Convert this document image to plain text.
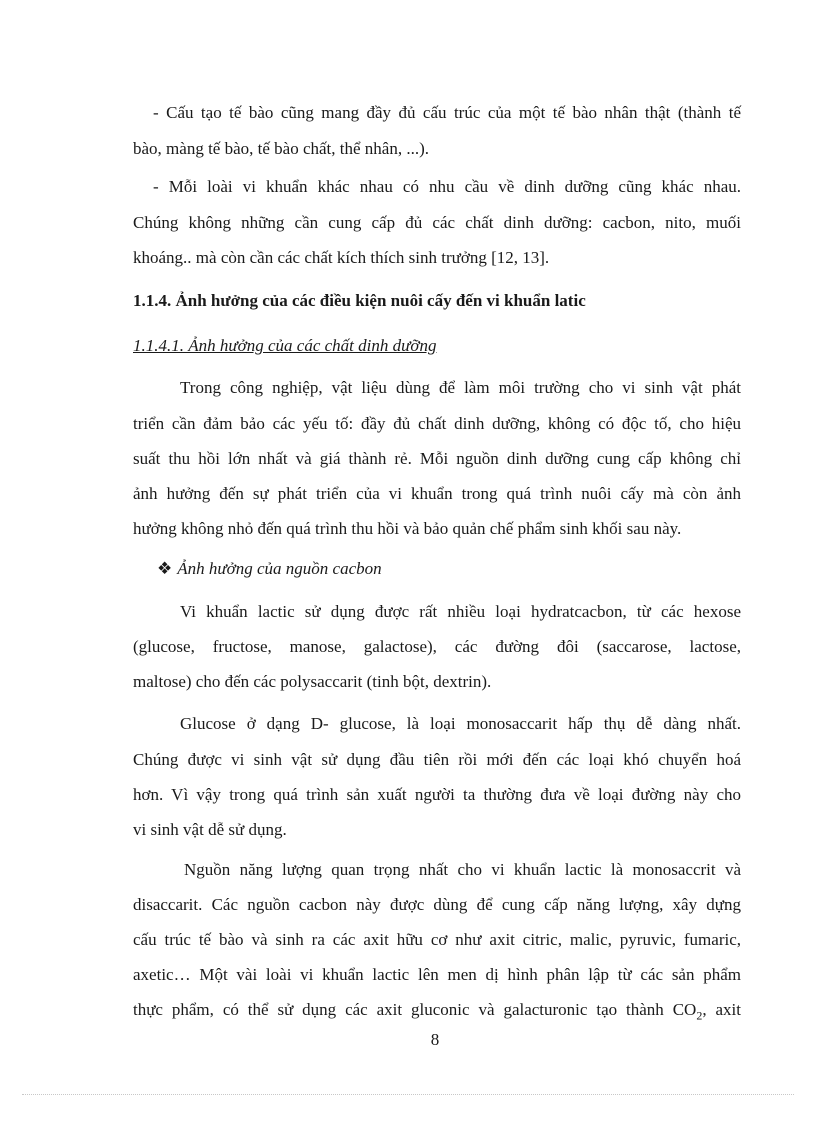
- Cấu tạo tế bào cũng mang đầy đủ cấu trúc của một tế bào nhân thật (thành tế
bào, màng tế bào, tế bào chất, thể nhân, ...).
- Mỗi loài vi khuẩn khác nhau có nhu cầu về dinh dưỡng cũng khác nhau.
Chúng không những cần cung cấp đủ các chất dinh dưỡng: cacbon, nito, muối
khoáng.. mà còn cần các chất kích thích sinh trưởng [12, 13].
1.1.4. Ảnh hưởng của các điều kiện nuôi cấy đến vi khuẩn latic
1.1.4.1. Ảnh hưởng của các chất dinh dưỡng
Trong công nghiệp, vật liệu dùng để làm môi trường cho vi sinh vật phát
triển cần đảm bảo các yếu tố: đầy đủ chất dinh dưỡng, không có độc tố, cho hiệu
suất thu hồi lớn nhất và giá thành rẻ. Mỗi nguồn dinh dưỡng cung cấp không chỉ
ảnh hưởng đến sự phát triển của vi khuẩn trong quá trình nuôi cấy mà còn ảnh
hưởng không nhỏ đến quá trình thu hồi và bảo quản chế phẩm sinh khối sau này.
❖ Ảnh hưởng của nguồn cacbon
Vi khuẩn lactic sử dụng được rất nhiều loại hydratcacbon, từ các hexose
(glucose, fructose, manose, galactose), các đường đôi (saccarose, lactose,
maltose) cho đến các polysaccarit (tinh bột, dextrin).
Glucose ở dạng D- glucose, là loại monosaccarit hấp thụ dễ dàng nhất.
Chúng được vi sinh vật sử dụng đầu tiên rồi mới đến các loại khó chuyển hoá
hơn. Vì vậy trong quá trình sản xuất người ta thường đưa về loại đường này cho
vi sinh vật dễ sử dụng.
Nguồn năng lượng quan trọng nhất cho vi khuẩn lactic là monosaccrit và
disaccarit. Các nguồn cacbon này được dùng để cung cấp năng lượng, xây dựng
cấu trúc tế bào và sinh ra các axit hữu cơ như axit citric, malic, pyruvic, fumaric,
axetic… Một vài loài vi khuẩn lactic lên men dị hình phân lập từ các sản phẩm
thực phẩm, có thể sử dụng các axit gluconic và galacturonic tạo thành $CO_2$, axit
8
